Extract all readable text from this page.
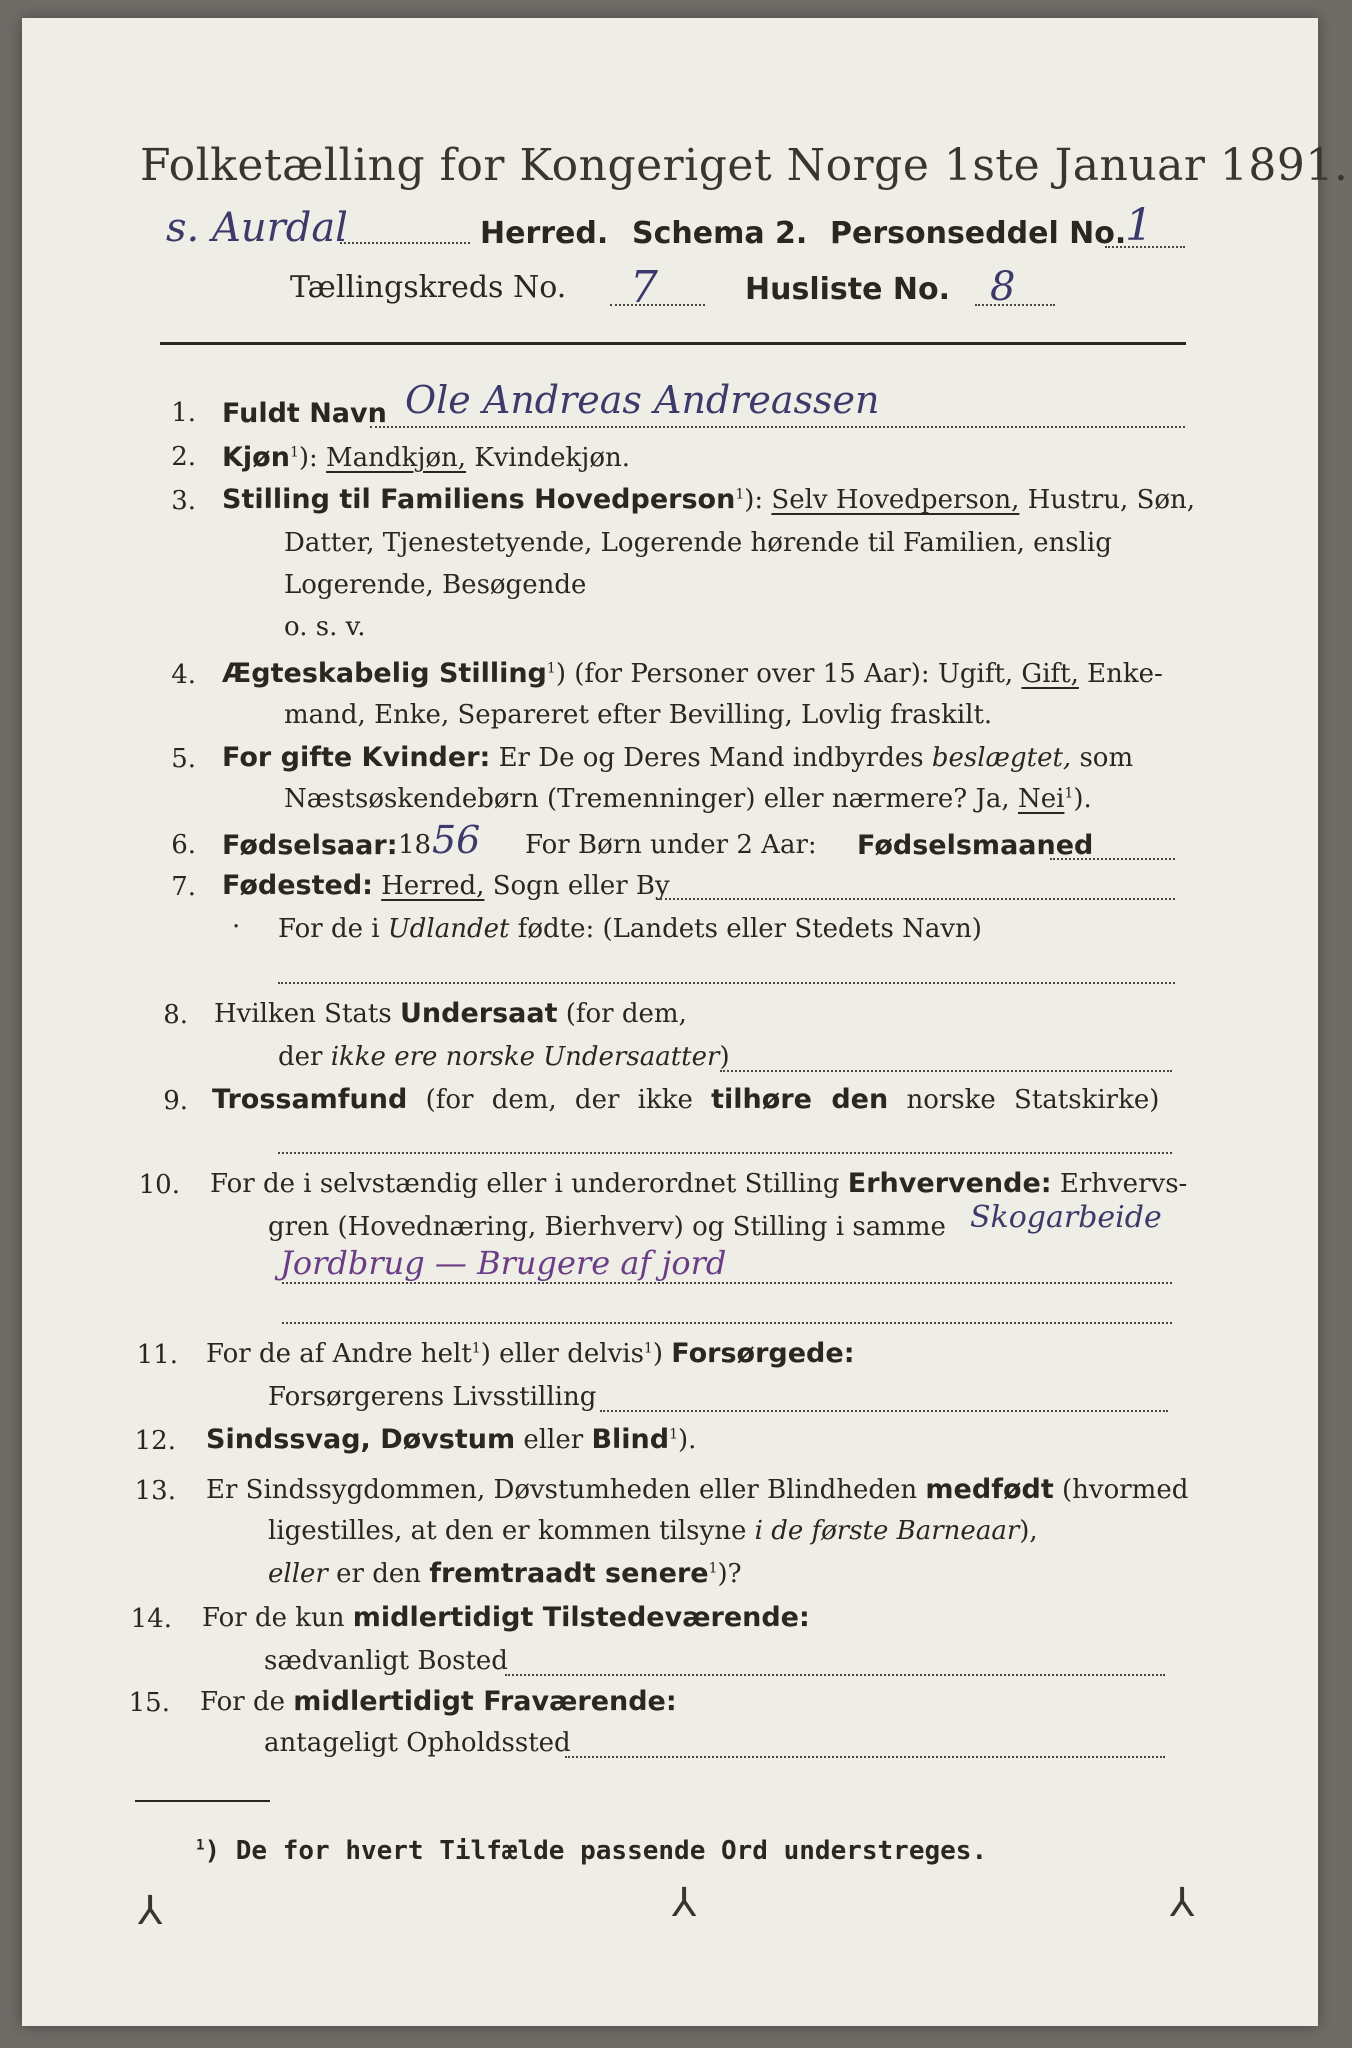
Folketælling for Kongeriget Norge 1ste Januar 1891.
s. Aurdal	Herred. Schema 2. Personseddel No.
1
Tællingskreds No. 7	Husliste No. 8
1. Fuldt Navn Ole Andreas Andreassen
2. Kjøn$^1$): Mandkjøn, Kvindekjøn.
3. Stilling til Familiens Hovedperson$^1$): Selv Hovedperson, Hustru, Søn,
Datter, Tjenestetyende, Logerende hørende til Familien, enslig
Logerende, Besøgende
o. s. v.
4. Ægteskabelig Stilling$^1$) (for Personer over 15 Aar): Ugift, Gift, Enke-
mand, Enke, Separeret efter Bevilling, Lovlig fraskilt.
5. For gifte Kvinder: Er De og Deres Mand indbyrdes beslægtet, som
Næstsøskendebørn (Tremenninger) eller nærmere? Ja, Nei$^1$).
6. Fødselsaar: 18 56 For Børn under 2 Aar: Fødselsmaaned
7. Fødested: Herred, Sogn eller By
· For de i Udlandet fødte: (Landets eller Stedets Navn)
8. Hvilken Stats Undersaat (for dem,
der ikke ere norske Undersaatter)
9. Trossamfund (for dem, der ikke tilhøre den norske Statskirke)
10. For de i selvstændig eller i underordnet Stilling Erhvervende: Erhvervs-
gren (Hovednæring, Bierhverv) og Stilling i samme Skogarbeide
Jordbrug — Brugere af jord
11. For de af Andre helt$^1$) eller delvis$^1$) Forsørgede:
Forsørgerens Livsstilling
12. Sindssvag, Døvstum eller Blind$^1$).
13. Er Sindssygdommen, Døvstumheden eller Blindheden medfødt (hvormed
ligestilles, at den er kommen tilsyne i de første Barneaar),
eller er den fremtraadt senere$^1$)?
14. For de kun midlertidigt Tilstedeværende:
sædvanligt Bosted
15. For de midlertidigt Fraværende:
antageligt Opholdssted
$^1$) De for hvert Tilfælde passende Ord understreges.
⅄	⅄	⅄
